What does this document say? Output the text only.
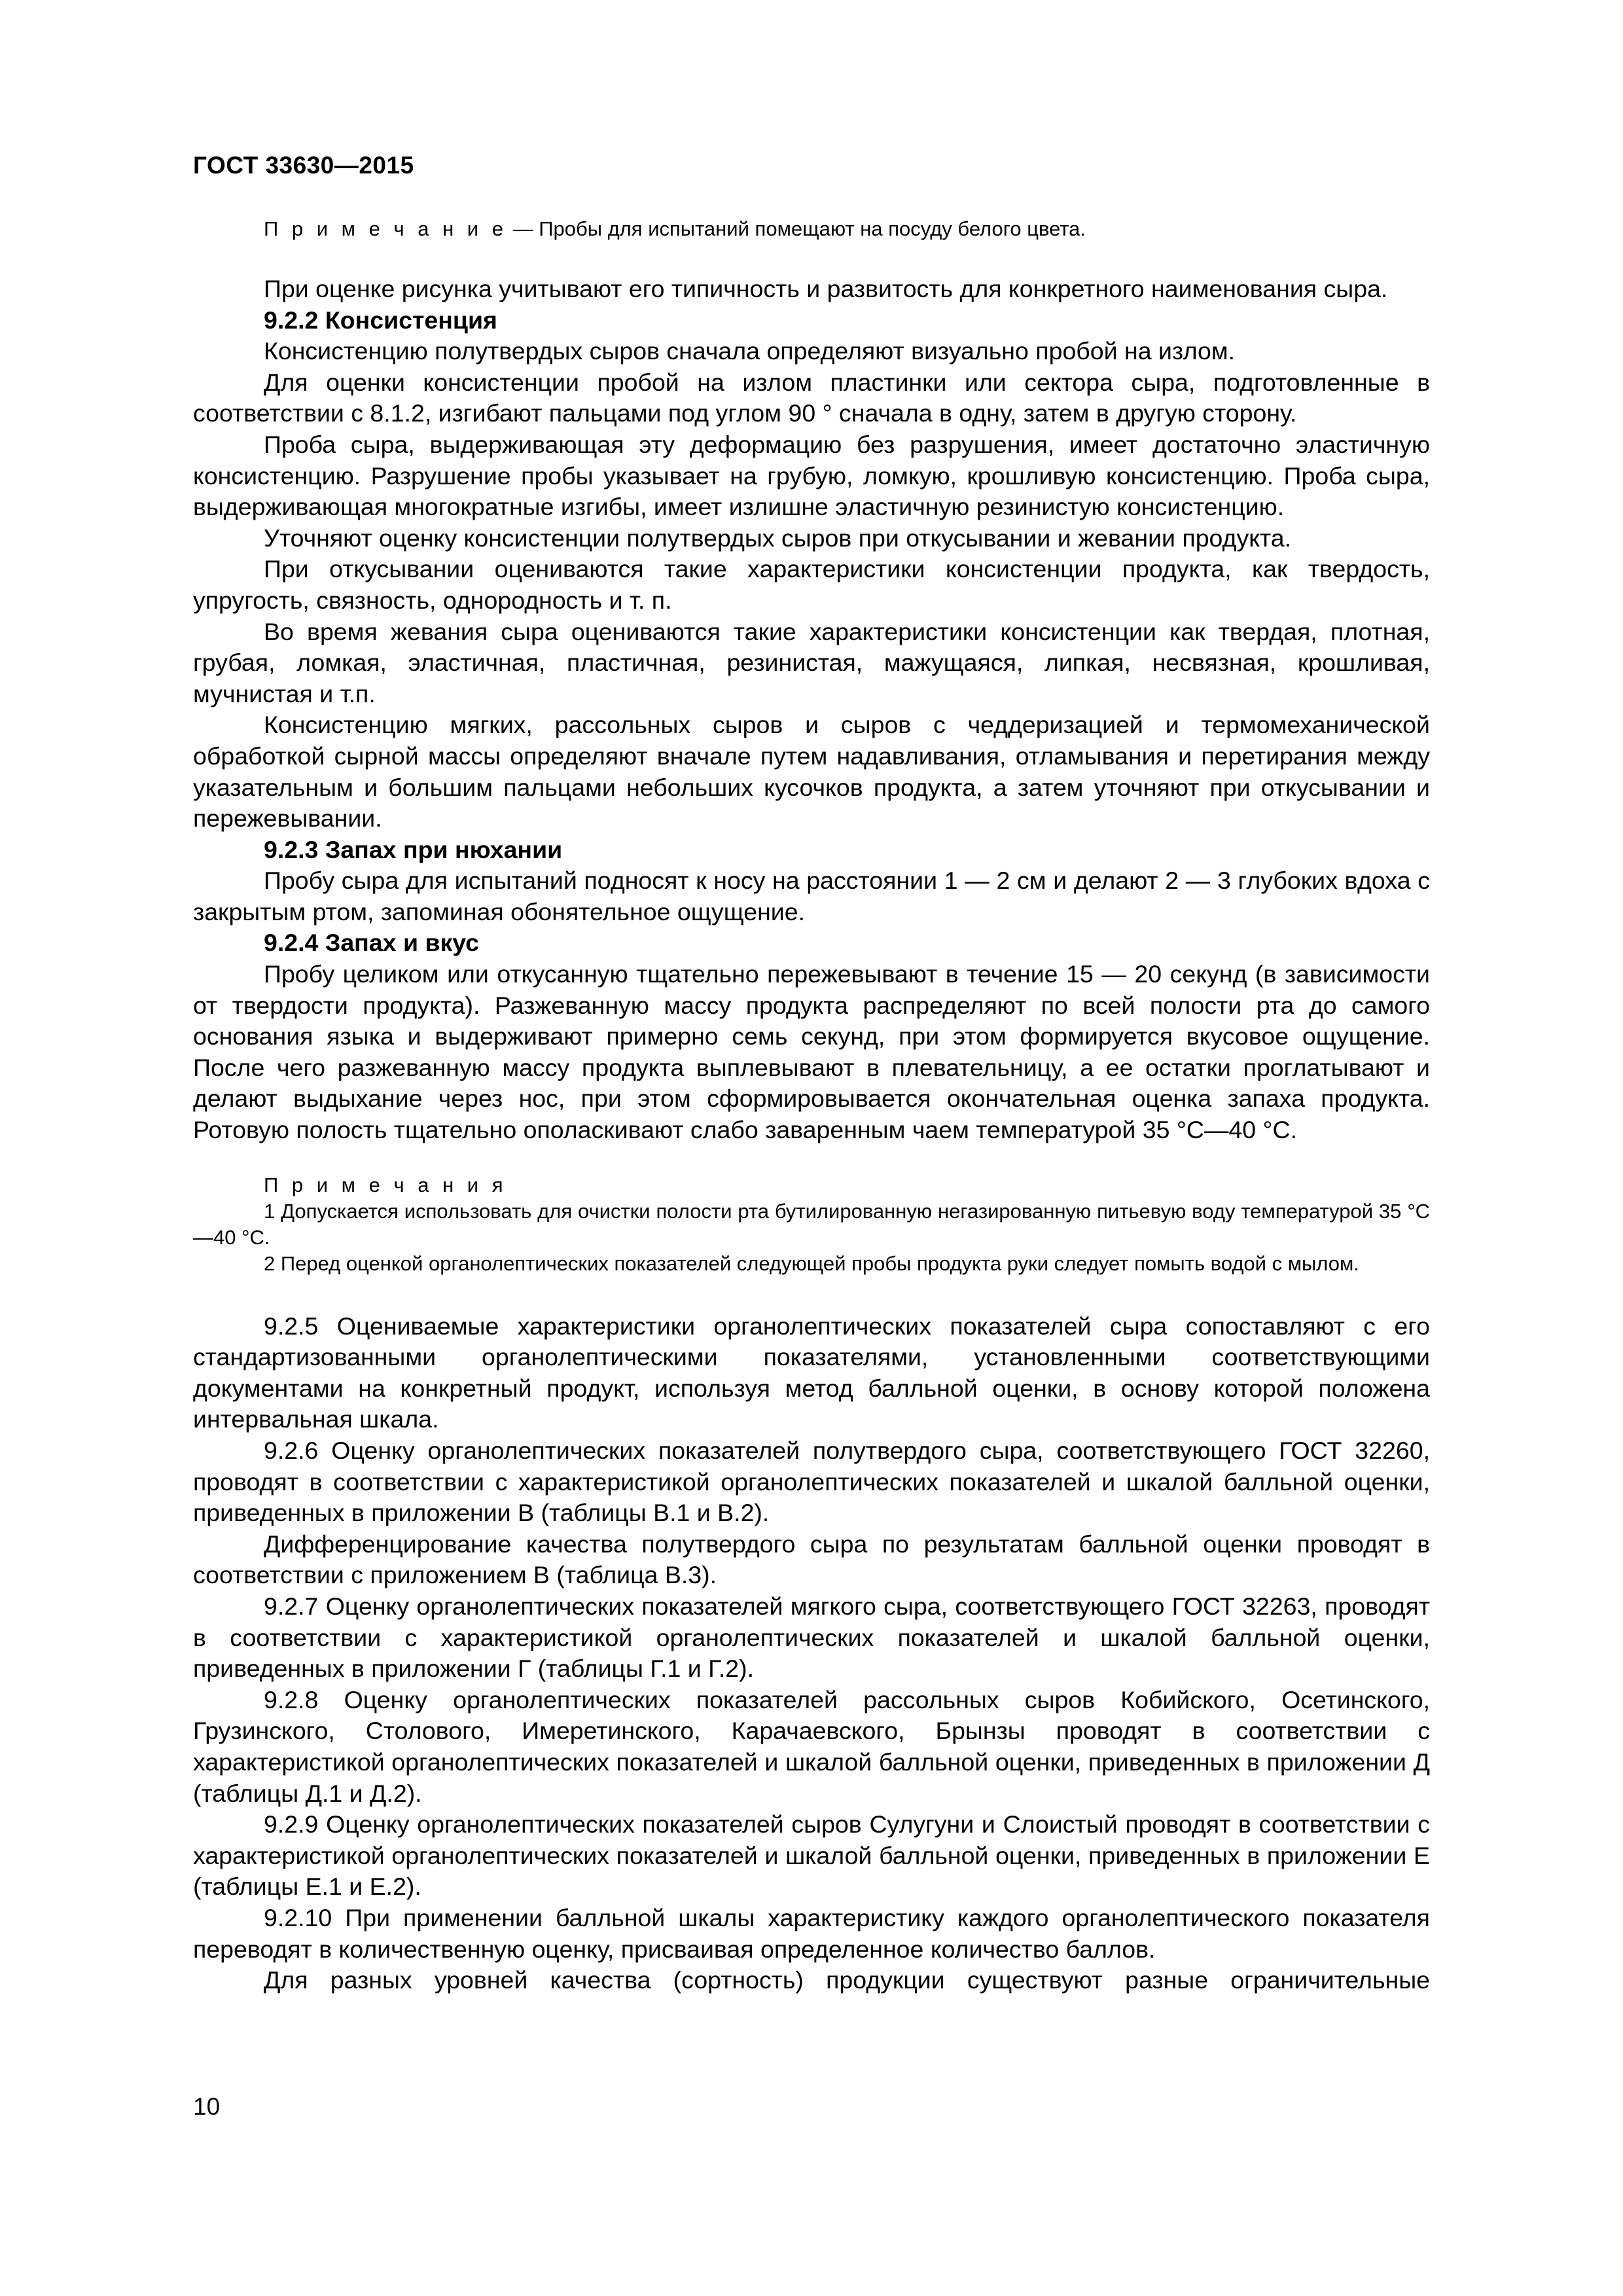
ГОСТ 33630—2015
П р и м е ч а н и е — Пробы для испытаний помещают на посуду белого цвета.

При оценке рисунка учитывают его типичность и развитость для конкретного наименования сыра.

9.2.2 Консистенция

Консистенцию полутвердых сыров сначала определяют визуально пробой на излом.

Для оценки консистенции пробой на излом пластинки или сектора сыра, подготовленные в соответствии с 8.1.2, изгибают пальцами под углом 90 ° сначала в одну, затем в другую сторону.

Проба сыра, выдерживающая эту деформацию без разрушения, имеет достаточно эластичную консистенцию. Разрушение пробы указывает на грубую, ломкую, крошливую консистенцию. Проба сыра, выдерживающая многократные изгибы, имеет излишне эластичную резинистую консистенцию.

Уточняют оценку консистенции полутвердых сыров при откусывании и жевании продукта.

При откусывании оцениваются такие характеристики консистенции продукта, как твердость, упругость, связность, однородность и т. п.

Во время жевания сыра оцениваются такие характеристики консистенции как твердая, плотная, грубая, ломкая, эластичная, пластичная, резинистая, мажущаяся, липкая, несвязная, крошливая, мучнистая и т.п.

Консистенцию мягких, рассольных сыров и сыров с чеддеризацией и термомеханической обработкой сырной массы определяют вначале путем надавливания, отламывания и перетирания между указательным и большим пальцами небольших кусочков продукта, а затем уточняют при откусывании и пережевывании.

9.2.3 Запах при нюхании

Пробу сыра для испытаний подносят к носу на расстоянии 1 — 2 см и делают 2 — 3 глубоких вдоха с закрытым ртом, запоминая обонятельное ощущение.

9.2.4 Запах и вкус

Пробу целиком или откусанную тщательно пережевывают в течение 15 — 20 секунд (в зависимости от твердости продукта). Разжеванную массу продукта распределяют по всей полости рта до самого основания языка и выдерживают примерно семь секунд, при этом формируется вкусовое ощущение. После чего разжеванную массу продукта выплевывают в плевательницу, а ее остатки проглатывают и делают выдыхание через нос, при этом сформировывается окончательная оценка запаха продукта. Ротовую полость тщательно ополаскивают слабо заваренным чаем температурой 35 °C—40 °C.

П р и м е ч а н и я

1 Допускается использовать для очистки полости рта бутилированную негазированную питьевую воду температурой 35 °C—40 °C.

2 Перед оценкой органолептических показателей следующей пробы продукта руки следует помыть водой с мылом.

9.2.5 Оцениваемые характеристики органолептических показателей сыра сопоставляют с его стандартизованными органолептическими показателями, установленными соответствующими документами на конкретный продукт, используя метод балльной оценки, в основу которой положена интервальная шкала.

9.2.6 Оценку органолептических показателей полутвердого сыра, соответствующего ГОСТ 32260, проводят в соответствии с характеристикой органолептических показателей и шкалой балльной оценки, приведенных в приложении В (таблицы В.1 и В.2).

Дифференцирование качества полутвердого сыра по результатам балльной оценки проводят в соответствии с приложением В (таблица В.3).

9.2.7 Оценку органолептических показателей мягкого сыра, соответствующего ГОСТ 32263, проводят в соответствии с характеристикой органолептических показателей и шкалой балльной оценки, приведенных в приложении Г (таблицы Г.1 и Г.2).

9.2.8 Оценку органолептических показателей рассольных сыров Кобийского, Осетинского, Грузинского, Столового, Имеретинского, Карачаевского, Брынзы проводят в соответствии с характеристикой органолептических показателей и шкалой балльной оценки, приведенных в приложении Д (таблицы Д.1 и Д.2).

9.2.9 Оценку органолептических показателей сыров Сулугуни и Слоистый проводят в соответствии с характеристикой органолептических показателей и шкалой балльной оценки, приведенных в приложении Е (таблицы Е.1 и Е.2).

9.2.10 При применении балльной шкалы характеристику каждого органолептического показателя переводят в количественную оценку, присваивая определенное количество баллов.

Для разных уровней качества (сортность) продукции существуют разные ограничительные

10
